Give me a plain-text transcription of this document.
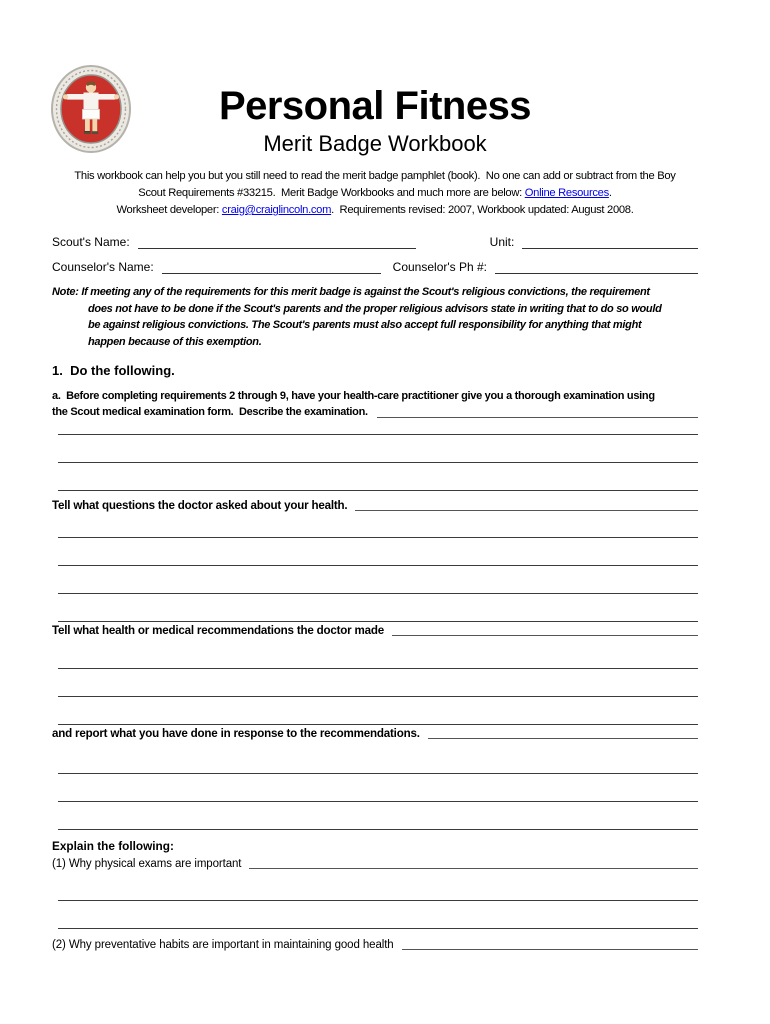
Personal Fitness
Merit Badge Workbook
This workbook can help you but you still need to read the merit badge pamphlet (book).  No one can add or subtract from the Boy
Scout Requirements #33215.  Merit Badge Workbooks and much more are below: Online Resources.
Worksheet developer: craig@craiglincoln.com.  Requirements revised: 2007, Workbook updated: August 2008.
Scout's Name:	Unit:
Counselor's Name:	Counselor's Ph #:
Note: If meeting any of the requirements for this merit badge is against the Scout's religious convictions, the requirement
does not have to be done if the Scout's parents and the proper religious advisors state in writing that to do so would
be against religious convictions. The Scout's parents must also accept full responsibility for anything that might
happen because of this exemption.
1.  Do the following.
a.  Before completing requirements 2 through 9, have your health-care practitioner give you a thorough examination using
the Scout medical examination form.  Describe the examination.
Tell what questions the doctor asked about your health.
Tell what health or medical recommendations the doctor made
and report what you have done in response to the recommendations.
Explain the following:
(1) Why physical exams are important
(2) Why preventative habits are important in maintaining good health
